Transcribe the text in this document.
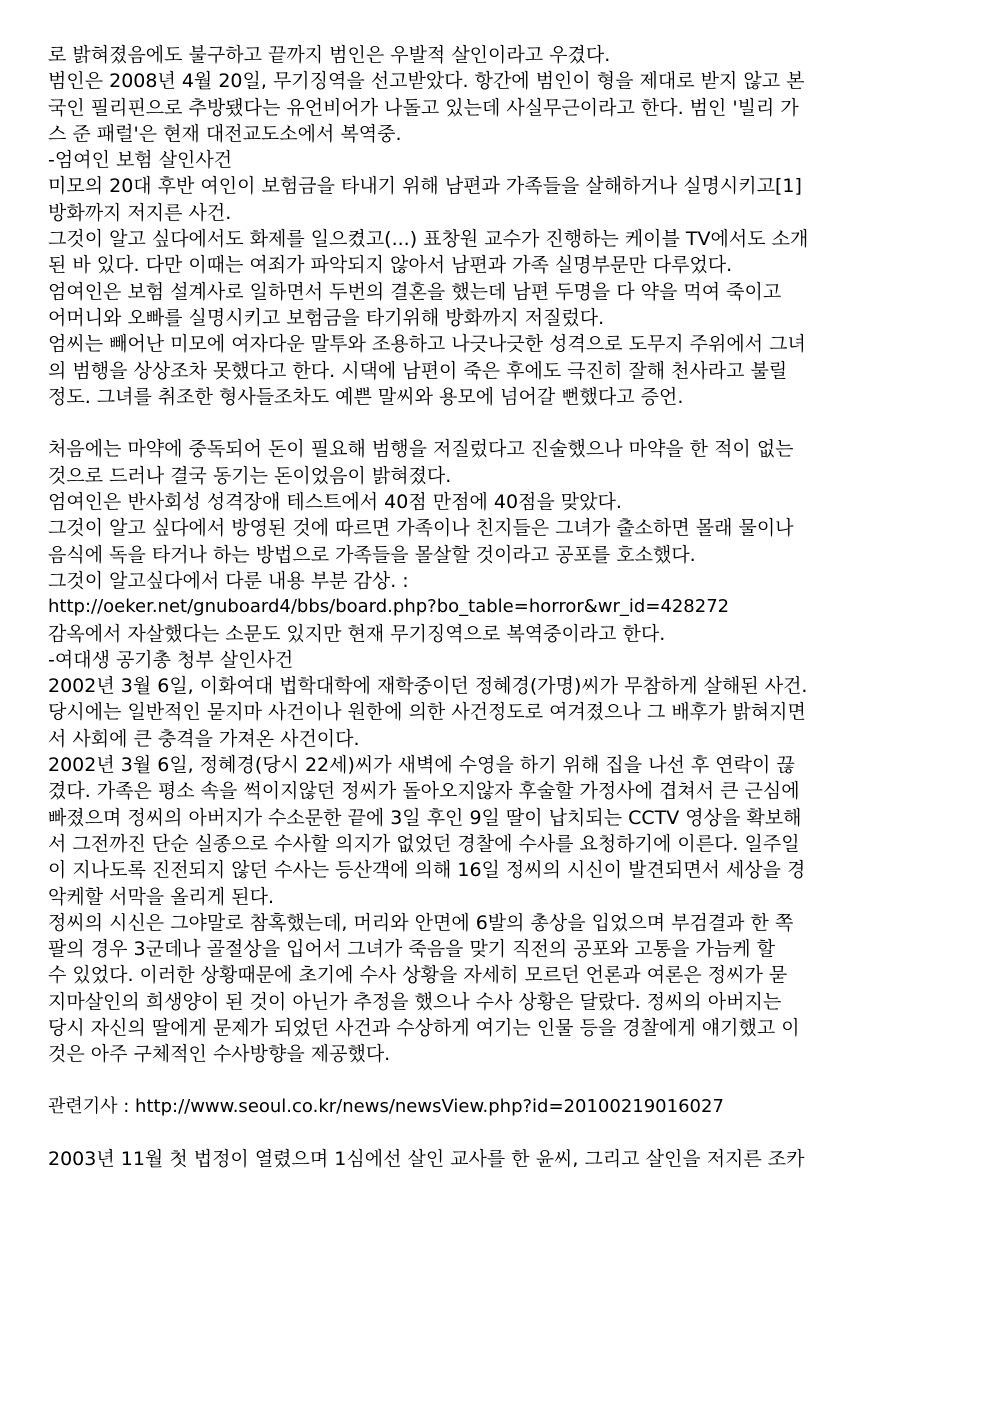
로 밝혀졌음에도 불구하고 끝까지 범인은 우발적 살인이라고 우겼다.
범인은 2008년 4월 20일, 무기징역을 선고받았다. 항간에 범인이 형을 제대로 받지 않고 본
국인 필리핀으로 추방됐다는 유언비어가 나돌고 있는데 사실무근이라고 한다. 범인 '빌리 가
스 준 패럴'은 현재 대전교도소에서 복역중.
-엄여인 보험 살인사건
미모의 20대 후반 여인이 보험금을 타내기 위해 남편과 가족들을 살해하거나 실명시키고[1]
방화까지 저지른 사건.
그것이 알고 싶다에서도 화제를 일으켰고(...) 표창원 교수가 진행하는 케이블 TV에서도 소개
된 바 있다. 다만 이때는 여죄가 파악되지 않아서 남편과 가족 실명부문만 다루었다.
엄여인은 보험 설계사로 일하면서 두번의 결혼을 했는데 남편 두명을 다 약을 먹여 죽이고
어머니와 오빠를 실명시키고 보험금을 타기위해 방화까지 저질렀다.
엄씨는 빼어난 미모에 여자다운 말투와 조용하고 나긋나긋한 성격으로 도무지 주위에서 그녀
의 범행을 상상조차 못했다고 한다. 시댁에 남편이 죽은 후에도 극진히 잘해 천사라고 불릴
정도. 그녀를 취조한 형사들조차도 예쁜 말씨와 용모에 넘어갈 뻔했다고 증언.
처음에는 마약에 중독되어 돈이 필요해 범행을 저질렀다고 진술했으나 마약을 한 적이 없는
것으로 드러나 결국 동기는 돈이었음이 밝혀졌다.
엄여인은 반사회성 성격장애 테스트에서 40점 만점에 40점을 맞았다.
그것이 알고 싶다에서 방영된 것에 따르면 가족이나 친지들은 그녀가 출소하면 몰래 물이나
음식에 독을 타거나 하는 방법으로 가족들을 몰살할 것이라고 공포를 호소했다.
그것이 알고싶다에서 다룬 내용 부분 감상. :
http://oeker.net/gnuboard4/bbs/board.php?bo_table=horror&wr_id=428272
감옥에서 자살했다는 소문도 있지만 현재 무기징역으로 복역중이라고 한다.
-여대생 공기총 청부 살인사건
2002년 3월 6일, 이화여대 법학대학에 재학중이던 정혜경(가명)씨가 무참하게 살해된 사건.
당시에는 일반적인 묻지마 사건이나 원한에 의한 사건정도로 여겨졌으나 그 배후가 밝혀지면
서 사회에 큰 충격을 가져온 사건이다.
2002년 3월 6일, 정혜경(당시 22세)씨가 새벽에 수영을 하기 위해 집을 나선 후 연락이 끊
겼다. 가족은 평소 속을 썩이지않던 정씨가 돌아오지않자 후술할 가정사에 겹쳐서 큰 근심에
빠졌으며 정씨의 아버지가 수소문한 끝에 3일 후인 9일 딸이 납치되는 CCTV 영상을 확보해
서 그전까진 단순 실종으로 수사할 의지가 없었던 경찰에 수사를 요청하기에 이른다. 일주일
이 지나도록 진전되지 않던 수사는 등산객에 의해 16일 정씨의 시신이 발견되면서 세상을 경
악케할 서막을 올리게 된다.
정씨의 시신은 그야말로 참혹했는데, 머리와 안면에 6발의 총상을 입었으며 부검결과 한 쪽
팔의 경우 3군데나 골절상을 입어서 그녀가 죽음을 맞기 직전의 공포와 고통을 가늠케 할
수 있었다. 이러한 상황때문에 초기에 수사 상황을 자세히 모르던 언론과 여론은 정씨가 묻
지마살인의 희생양이 된 것이 아닌가 추정을 했으나 수사 상황은 달랐다. 정씨의 아버지는
당시 자신의 딸에게 문제가 되었던 사건과 수상하게 여기는 인물 등을 경찰에게 얘기했고 이
것은 아주 구체적인 수사방향을 제공했다.
관련기사 : http://www.seoul.co.kr/news/newsView.php?id=20100219016027
2003년 11월 첫 법정이 열렸으며 1심에선 살인 교사를 한 윤씨, 그리고 살인을 저지른 조카
